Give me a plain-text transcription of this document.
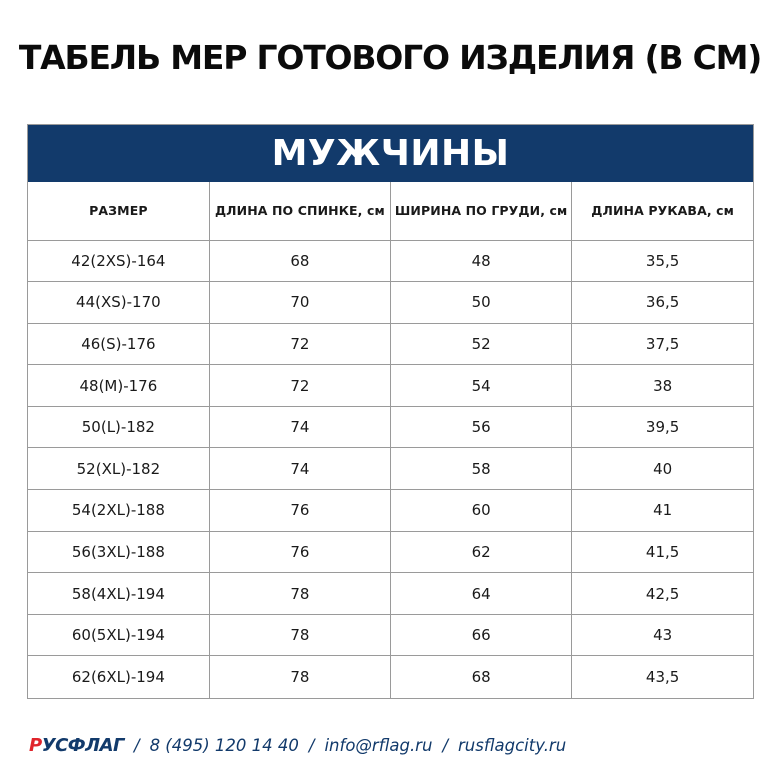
ТАБЕЛЬ МЕР ГОТОВОГО ИЗДЕЛИЯ (В СМ)
МУЖЧИНЫ
РАЗМЕР	ДЛИНА ПО СПИНКЕ, см	ШИРИНА ПО ГРУДИ, см	ДЛИНА РУКАВА, см
42(2XS)-164	68	48	35,5
44(XS)-170	70	50	36,5
46(S)-176	72	52	37,5
48(M)-176	72	54	38
50(L)-182	74	56	39,5
52(XL)-182	74	58	40
54(2XL)-188	76	60	41
56(3XL)-188	76	62	41,5
58(4XL)-194	78	64	42,5
60(5XL)-194	78	66	43
62(6XL)-194	78	68	43,5
Р УСФЛАГ / 8 (495) 120 14 40 / info@rflag.ru / rusflagcity.ru
